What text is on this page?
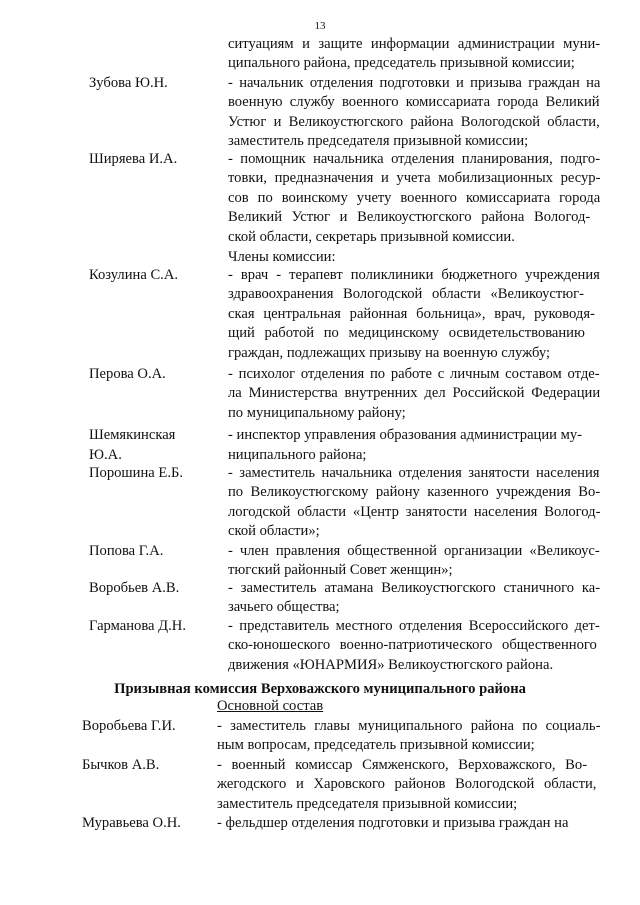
13
ситуациям и защите информации администрации муни-
ципального района, председатель призывной комиссии;
Зубова Ю.Н.	- начальник отделения подготовки и призыва граждан на
военную службу военного комиссариата города Великий
Устюг и Великоустюгского района Вологодской области,
заместитель председателя призывной комиссии;
Ширяева И.А.	- помощник начальника отделения планирования, подго-
товки, предназначения и учета мобилизационных ресур-
сов по воинскому учету военного комиссариата города
Великий Устюг и Великоустюгского района Вологод-
ской области, секретарь призывной комиссии.
Члены комиссии:
Козулина С.А.	- врач - терапевт поликлиники бюджетного учреждения
здравоохранения Вологодской области «Великоустюг-
ская центральная районная больница», врач, руководя-
щий работой по медицинскому освидетельствованию
граждан, подлежащих призыву на военную службу;
Перова О.А.	- психолог отделения по работе с личным составом отде-
ла Министерства внутренних дел Российской Федерации
по муниципальному району;
Шемякинская	- инспектор управления образования администрации му-
Ю.А.	ниципального района;
Порошина Е.Б.	- заместитель начальника отделения занятости населения
по Великоустюгскому району казенного учреждения Во-
логодской области «Центр занятости населения Вологод-
ской области»;
Попова Г.А.	- член правления общественной организации «Великоус-
тюгский районный Совет женщин»;
Воробьев А.В.	- заместитель атамана Великоустюгского станичного ка-
зачьего общества;
Гарманова Д.Н.	- представитель местного отделения Всероссийского дет-
ско-юношеского военно-патриотического общественного
движения «ЮНАРМИЯ» Великоустюгского района.
Призывная комиссия Верховажского муниципального района
Основной состав
Воробьева Г.И.	- заместитель главы муниципального района по социаль-
ным вопросам, председатель призывной комиссии;
Бычков А.В.	- военный комиссар Сямженского, Верховажского, Во-
жегодского и Харовского районов Вологодской области,
заместитель председателя призывной комиссии;
Муравьева О.Н. - фельдшер отделения подготовки и призыва граждан на
